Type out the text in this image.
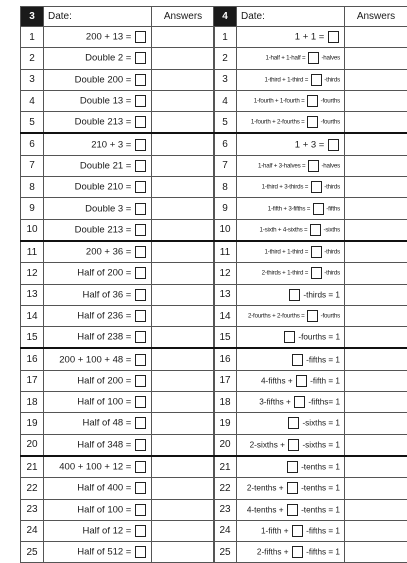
3	Date:	Answers
1	200 + 13 =	
2	Double 2 =	
3	Double 200 =	
4	Double 13 =	
5	Double 213 =	
6	210 + 3 =	
7	Double 21 =	
8	Double 210 =	
9	Double 3 =	
10	Double 213 =	
11	200 + 36 =	
12	Half of 200 =	
13	Half of 36 =	
14	Half of 236 =	
15	Half of 238 =	
16	200 + 100 + 48 =	
17	Half of 200 =	
18	Half of 100 =	
19	Half of 48 =	
20	Half of 348 =	
21	400 + 100 + 12 =	
22	Half of 400 =	
23	Half of 100 =	
24	Half of 12 =	
25	Half of 512 =	
4	Date:	Answers
1	1 + 1 =	
2	1-half + 1-half =  -halves	
3	1-third + 1-third =  -thirds	
4	1-fourth + 1-fourth =  -fourths	
5	1-fourth + 2-fourths =  -fourths	
6	1 + 3 =	
7	1-half + 3-halves =  -halves	
8	1-third + 3-thirds =  -thirds	
9	1-fifth + 3-fifths =  -fifths	
10	1-sixth + 4-sixths =  -sixths	
11	1-third + 1-third =  -thirds	
12	2-thirds + 1-third =  -thirds	
13	-thirds = 1	
14	2-fourths + 2-fourths =  -fourths	
15	-fourths = 1	
16	-fifths = 1	
17	4-fifths +  -fifth = 1	
18	3-fifths +  -fifths= 1	
19	-sixths = 1	
20	2-sixths +  -sixths = 1	
21	-tenths = 1	
22	2-tenths +  -tenths = 1	
23	4-tenths +  -tenths = 1	
24	1-fifth +  -fifths = 1	
25	2-fifths +  -fifths = 1	
